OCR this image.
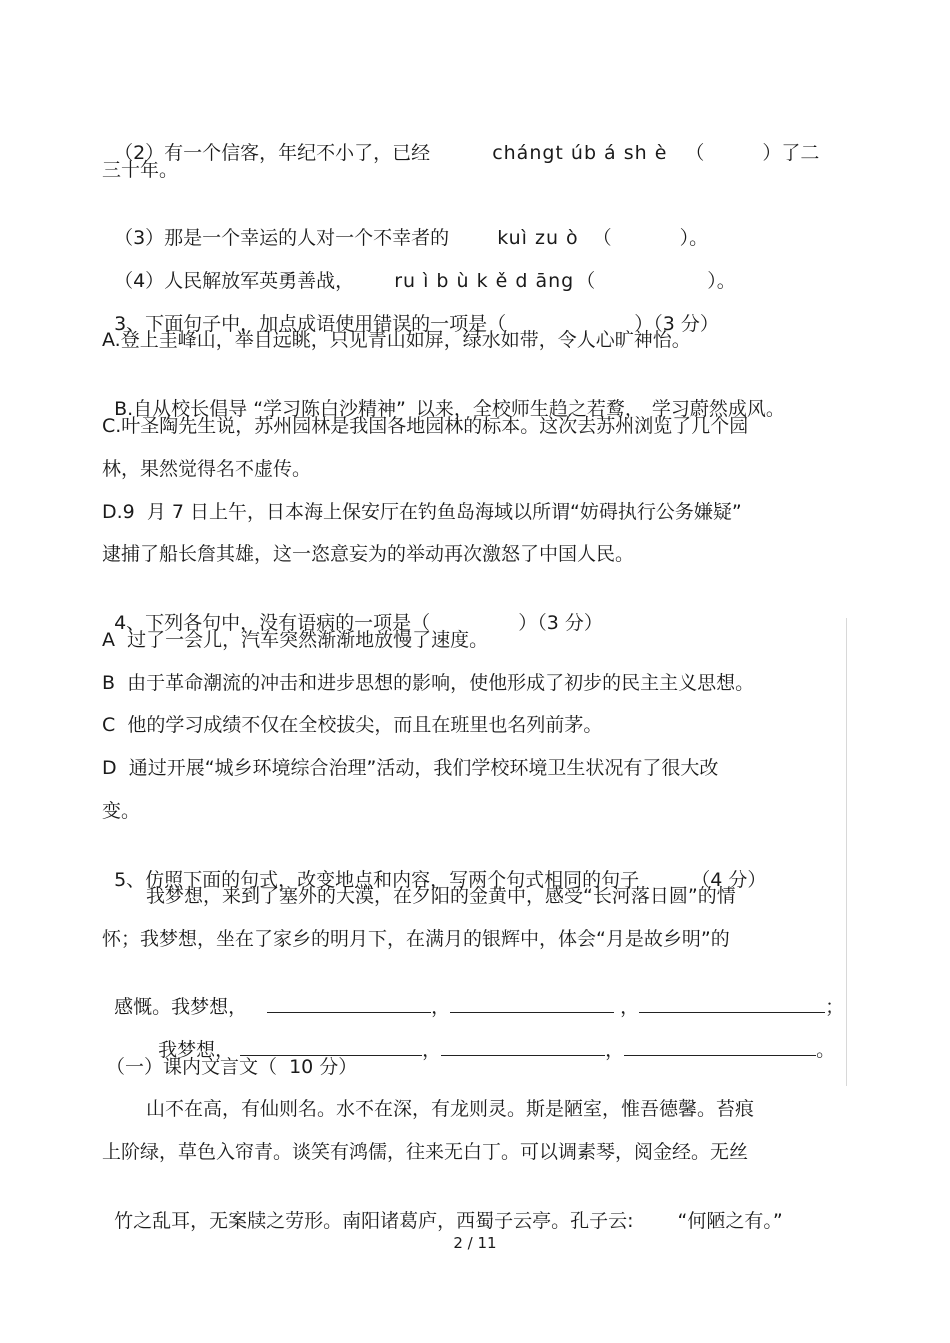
（2）有一个信客，年纪不小了，已经	chángt úb á sh è （	）了二

三十年。

（3）那是一个幸运的人对一个不幸者的	kuì zu ò （	）。

（4）人民解放军英勇善战， ru ì b ù k ě d āng （	）。

3、下面句子中，加点成语使用错误的一项是（	）（3 分）

A.登上圭峰山，举目远眺，只见青山如屏，绿水如带，令人心旷神怡。

B.自从校长倡导 “学习陈白沙精神” 以来，全校师生趋之若鹜， 学习蔚然成风。

C.叶圣陶先生说，苏州园林是我国各地园林的标本。这次去苏州浏览了几个园
林，果然觉得名不虚传。
D.9  月 7 日上午，日本海上保安厅在钓鱼岛海域以所谓“妨碍执行公务嫌疑”
逮捕了船长詹其雄，这一恣意妄为的举动再次激怒了中国人民。

4、下列各句中，没有语病的一项是（	）（3 分）

A  过了一会儿，汽车突然渐渐地放慢了速度。
B  由于革命潮流的冲击和进步思想的影响，使他形成了初步的民主主义思想。
C  他的学习成绩不仅在全校拔尖，而且在班里也名列前茅。
D  通过开展“城乡环境综合治理”活动，我们学校环境卫生状况有了很大改
变。

5、仿照下面的句式，改变地点和内容，写两个句式相同的句子	（4 分）

我梦想，来到了塞外的大漠，在夕阳的金黄中，感受“长河落日圆”的情
怀；我梦想，坐在了家乡的明月下，在满月的银辉中，体会“月是故乡明”的

感慨。我梦想，	，	，	；

我梦想，	，	，	。

（一）课内文言文（  10 分）
山不在高，有仙则名。水不在深，有龙则灵。斯是陋室，惟吾德馨。苔痕
上阶绿，草色入帘青。谈笑有鸿儒，往来无白丁。可以调素琴，阅金经。无丝

竹之乱耳，无案牍之劳形。南阳诸葛庐，西蜀子云亭。孔子云: “何陋之有。”

2 / 11
